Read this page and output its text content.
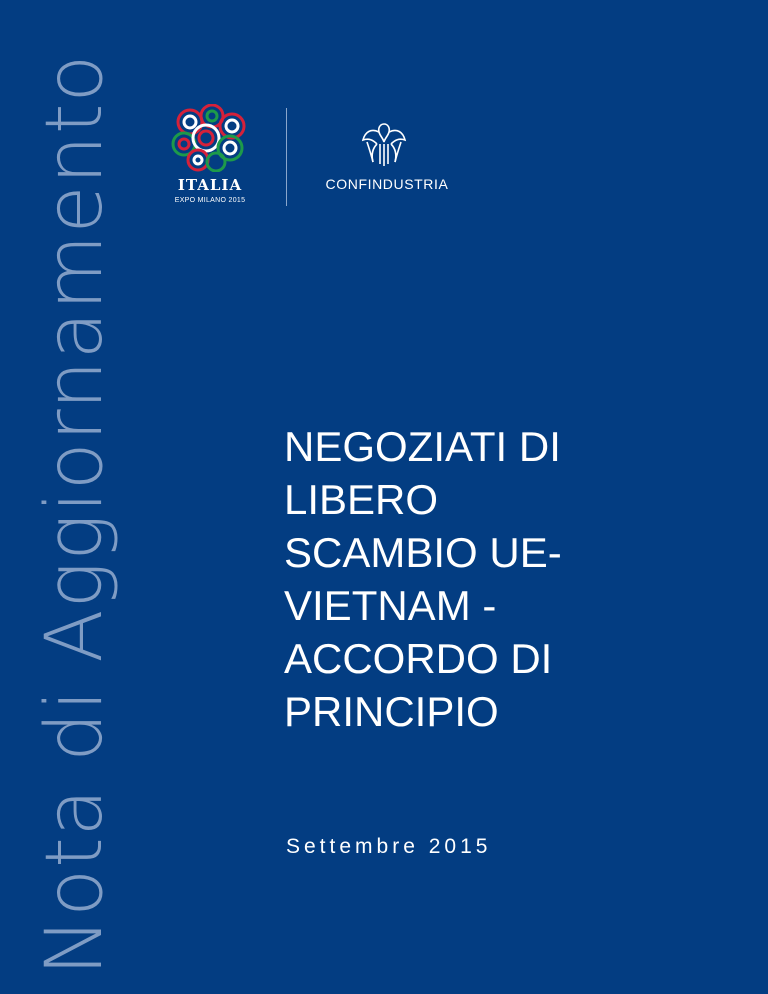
Nota di Aggiornamento	ITALIA
EXPO MILANO 2015
CONFINDUSTRIA
NEGOZIATI DI
LIBERO
SCAMBIO UE-
VIETNAM -
ACCORDO DI
PRINCIPIO
Settembre 2015
